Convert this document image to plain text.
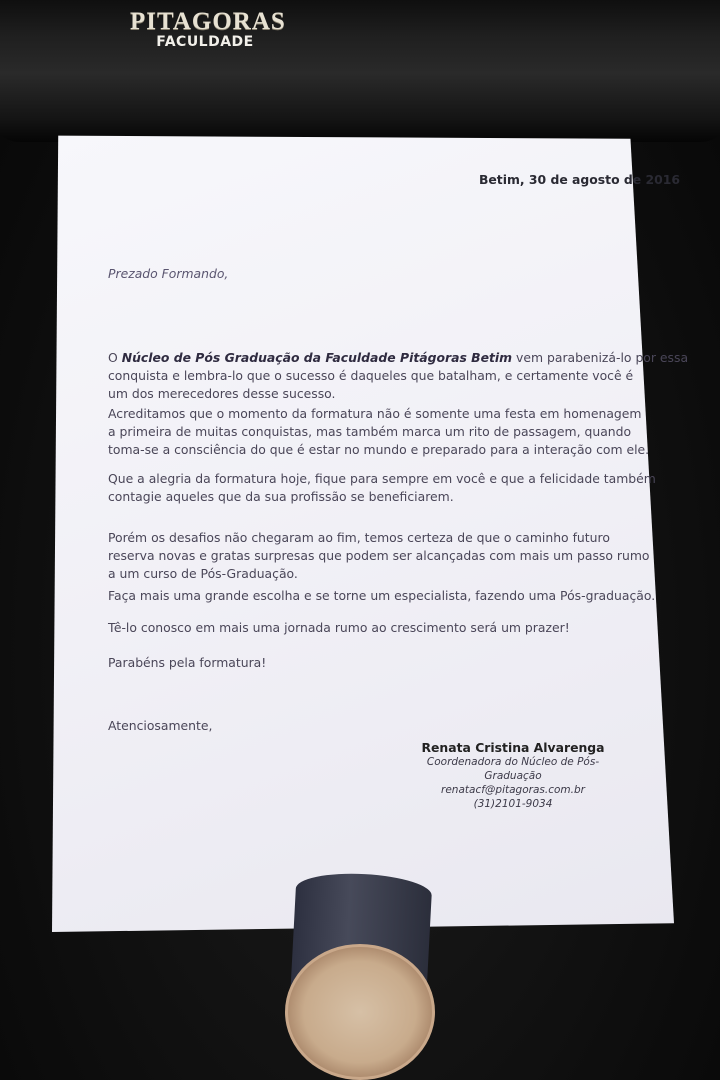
PITAGORAS
FACULDADE
Betim, 30 de agosto de 2016
Prezado Formando,
O Núcleo de Pós Graduação da Faculdade Pitágoras Betim vem parabenizá-lo por essa
conquista e lembra-lo que o sucesso é daqueles que batalham, e certamente você é
um dos merecedores desse sucesso.
Acreditamos que o momento da formatura não é somente uma festa em homenagem
a primeira de muitas conquistas, mas também marca um rito de passagem, quando
toma-se a consciência do que é estar no mundo e preparado para a interação com ele.
Que a alegria da formatura hoje, fique para sempre em você e que a felicidade também
contagie aqueles que da sua profissão se beneficiarem.
Porém os desafios não chegaram ao fim, temos certeza de que o caminho futuro
reserva novas e gratas surpresas que podem ser alcançadas com mais um passo rumo
a um curso de Pós-Graduação.
Faça mais uma grande escolha e se torne um especialista, fazendo uma Pós-graduação.
Tê-lo conosco em mais uma jornada rumo ao crescimento será um prazer!
Parabéns pela formatura!
Atenciosamente,
Renata Cristina Alvarenga
Coordenadora do Núcleo de Pós-Graduação
renatacf@pitagoras.com.br
(31)2101-9034
